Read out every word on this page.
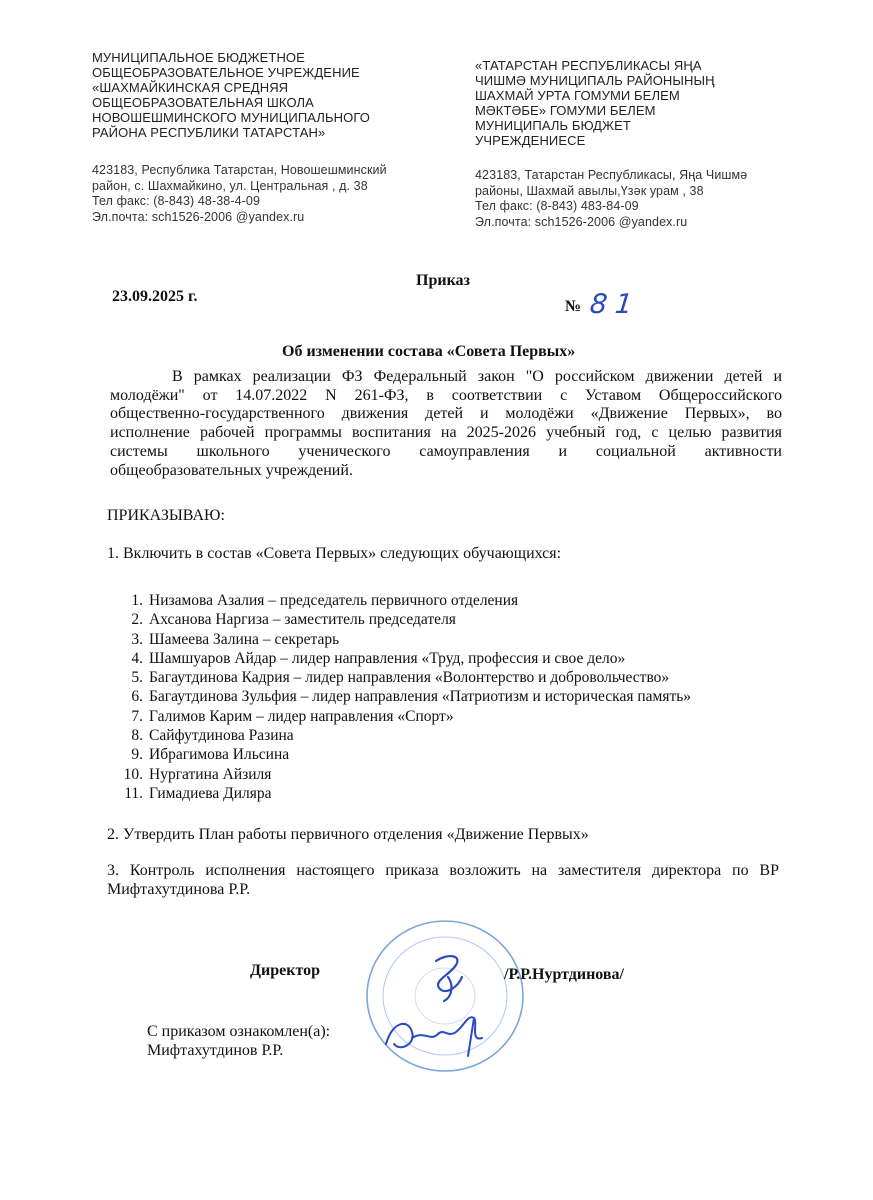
МУНИЦИПАЛЬНОЕ БЮДЖЕТНОЕ
ОБЩЕОБРАЗОВАТЕЛЬНОЕ УЧРЕЖДЕНИЕ
«ШАХМАЙКИНСКАЯ СРЕДНЯЯ
ОБЩЕОБРАЗОВАТЕЛЬНАЯ ШКОЛА
НОВОШЕШМИНСКОГО МУНИЦИПАЛЬНОГО
РАЙОНА РЕСПУБЛИКИ ТАТАРСТАН»
423183, Республика Татарстан, Новошешминский
район, с. Шахмайкино, ул. Центральная , д. 38
Тел факс: (8-843) 48-38-4-09
Эл.почта: sch1526-2006 @yandex.ru
«ТАТАРСТАН РЕСПУБЛИКАСЫ ЯҢА
ЧИШМӘ МУНИЦИПАЛЬ РАЙОНЫНЫҢ
ШАХМАЙ УРТА ГОМУМИ БЕЛЕМ
МӘКТӘБЕ» ГОМУМИ БЕЛЕМ
МУНИЦИПАЛЬ БЮДЖЕТ
УЧРЕЖДЕНИЕСЕ
423183, Татарстан Республикасы, Яңа Чишмә
районы, Шахмай авылы,Үзәк урам , 38
Тел факс: (8-843) 483-84-09
Эл.почта: sch1526-2006 @yandex.ru
Приказ
23.09.2025 г.
№ 81
Об изменении состава «Совета Первых»
В рамках реализации ФЗ Федеральный закон "О российском движении детей и
молодёжи" от 14.07.2022 N 261-ФЗ, в соответствии с Уставом Общероссийского
общественно-государственного движения детей и молодёжи «Движение Первых», во
исполнение рабочей программы воспитания на 2025-2026 учебный год, с целью развития
системы школьного ученического самоуправления и социальной активности
общеобразовательных учреждений.
ПРИКАЗЫВАЮ:
1. Включить в состав «Совета Первых» следующих обучающихся:
1. Низамова Азалия – председатель первичного отделения
2. Ахсанова Наргиза – заместитель председателя
3. Шамеева Залина – секретарь
4. Шамшуаров Айдар – лидер направления «Труд, профессия и свое дело»
5. Багаутдинова Кадрия – лидер направления «Волонтерство и добровольчество»
6. Багаутдинова Зульфия – лидер направления «Патриотизм и историческая память»
7. Галимов Карим – лидер направления «Спорт»
8. Сайфутдинова Разина
9. Ибрагимова Ильсина
10. Нургатина Айзиля
11. Гимадиева Диляра
2. Утвердить План работы первичного отделения «Движение Первых»
3. Контроль исполнения настоящего приказа возложить на заместителя директора по ВР
Мифтахутдинова Р.Р.
Директор	/Р.Р.Нуртдинова/
С приказом ознакомлен(а):
Мифтахутдинов Р.Р.
